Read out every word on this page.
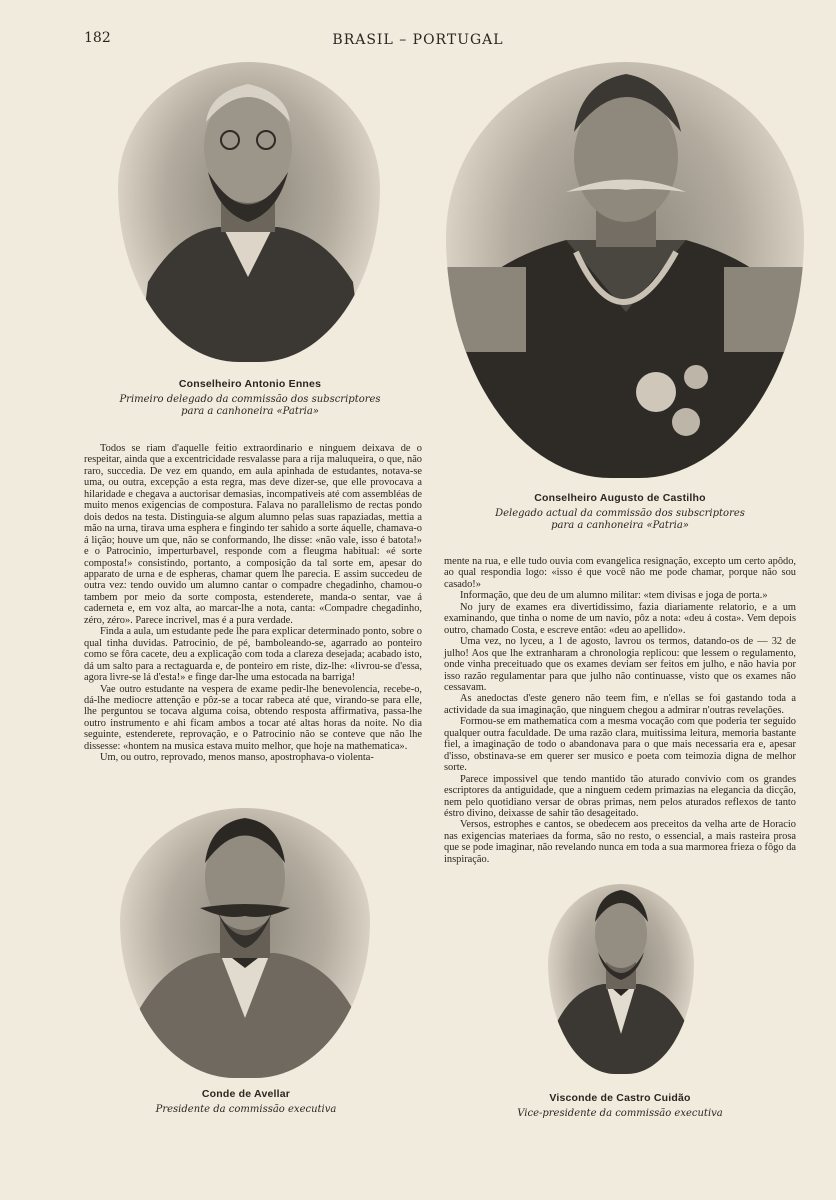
182	BRASIL – PORTUGAL
Conselheiro Antonio Ennes
Primeiro delegado da commissão dos subscriptores
para a canhoneira «Patria»
Conselheiro Augusto de Castilho
Delegado actual da commissão dos subscriptores
para a canhoneira «Patria»

Todos se riam d'aquelle feitio extraordinario e ninguem deixava de o respeitar, ainda que a excentricidade resvalasse para a rija maluqueira, o que, não raro, succedia. De vez em quando, em aula apinhada de estudantes, notava-se uma, ou outra, excepção a esta regra, mas deve dizer-se, que elle provocava a hilaridade e chegava a auctorisar demasias, incompativeis até com assembléas de muito menos exigencias de compostura. Falava no parallelismo de rectas pondo dois dedos na testa. Distinguia-se algum alumno pelas suas rapaziadas, mettia a mão na urna, tirava uma esphera e fingindo ter sahido a sorte áquelle, chamava-o á lição; houve um que, não se conformando, lhe disse: «não vale, isso é batota!» e o Patrocinio, imperturbavel, responde com a fleugma habitual: «é sorte composta!» consistindo, portanto, a composição da tal sorte em, apesar do apparato de urna e de espheras, chamar quem lhe parecia. E assim succedeu de outra vez: tendo ouvido um alumno cantar o compadre chegadinho, chamou-o tambem por meio da sorte composta, estenderete, manda-o sentar, vae á caderneta e, em voz alta, ao marcar-lhe a nota, canta: «Compadre chegadinho, zéro, zéro». Parece incrivel, mas é a pura verdade.

Finda a aula, um estudante pede lhe para explicar determinado ponto, sobre o qual tinha duvidas. Patrocinio, de pé, bamboleando-se, agarrado ao ponteiro como se fôra cacete, deu a explicação com toda a clareza desejada; acabado isto, dá um salto para a rectaguarda e, de ponteiro em riste, diz-lhe: «livrou-se d'essa, agora livre-se lá d'esta!» e finge dar-lhe uma estocada na barriga!

Vae outro estudante na vespera de exame pedir-lhe benevolencia, recebe-o, dá-lhe mediocre attenção e pôz-se a tocar rabeca até que, virando-se para elle, lhe perguntou se tocava alguma coisa, obtendo resposta affirmativa, passa-lhe outro instrumento e ahi ficam ambos a tocar até altas horas da noite. No dia seguinte, estenderete, reprovação, e o Patrocinio não se conteve que não lhe dissesse: «hontem na musica estava muito melhor, que hoje na mathematica».

Um, ou outro, reprovado, menos manso, apostrophava-o violenta-

mente na rua, e elle tudo ouvia com evangelica resignação, excepto um certo apôdo, ao qual respondia logo: «isso é que você não me pode chamar, porque não sou casado!»

Informação, que deu de um alumno militar: «tem divisas e joga de porta.»

No jury de exames era divertidissimo, fazia diariamente relatorio, e a um examinando, que tinha o nome de um navio, pôz a nota: «deu á costa». Vem depois outro, chamado Costa, e escreve então: «deu ao apellido».

Uma vez, no lyceu, a 1 de agosto, lavrou os termos, datando-os de — 32 de julho! Aos que lhe extranharam a chronologia replicou: que lessem o regulamento, onde vinha preceituado que os exames deviam ser feitos em julho, e não havia por isso razão regulamentar para que julho não continuasse, visto que os exames não cessavam.

As anedoctas d'este genero não teem fim, e n'ellas se foi gastando toda a actividade da sua imaginação, que ninguem chegou a admirar n'outras revelações.

Formou-se em mathematica com a mesma vocação com que poderia ter seguido qualquer outra faculdade. De uma razão clara, muitissima leitura, memoria bastante fiel, a imaginação de todo o abandonava para o que mais necessaria era e, apesar d'isso, obstinava-se em querer ser musico e poeta com teimozia digna de melhor sorte.

Parece impossivel que tendo mantido tão aturado convivio com os grandes escriptores da antiguidade, que a ninguem cedem primazias na elegancia da dicção, nem pelo quotidiano versar de obras primas, nem pelos aturados reflexos de tanto éstro divino, deixasse de sahir tão desageitado.

Versos, estrophes e cantos, se obedecem aos preceitos da velha arte de Horacio nas exigencias materiaes da forma, são no resto, o essencial, a mais rasteira prosa que se pode imaginar, não revelando nunca em toda a sua marmorea frieza o fôgo da inspiração.

Conde de Avellar
Presidente da commissão executiva
Visconde de Castro Cuidão
Vice-presidente da commissão executiva
